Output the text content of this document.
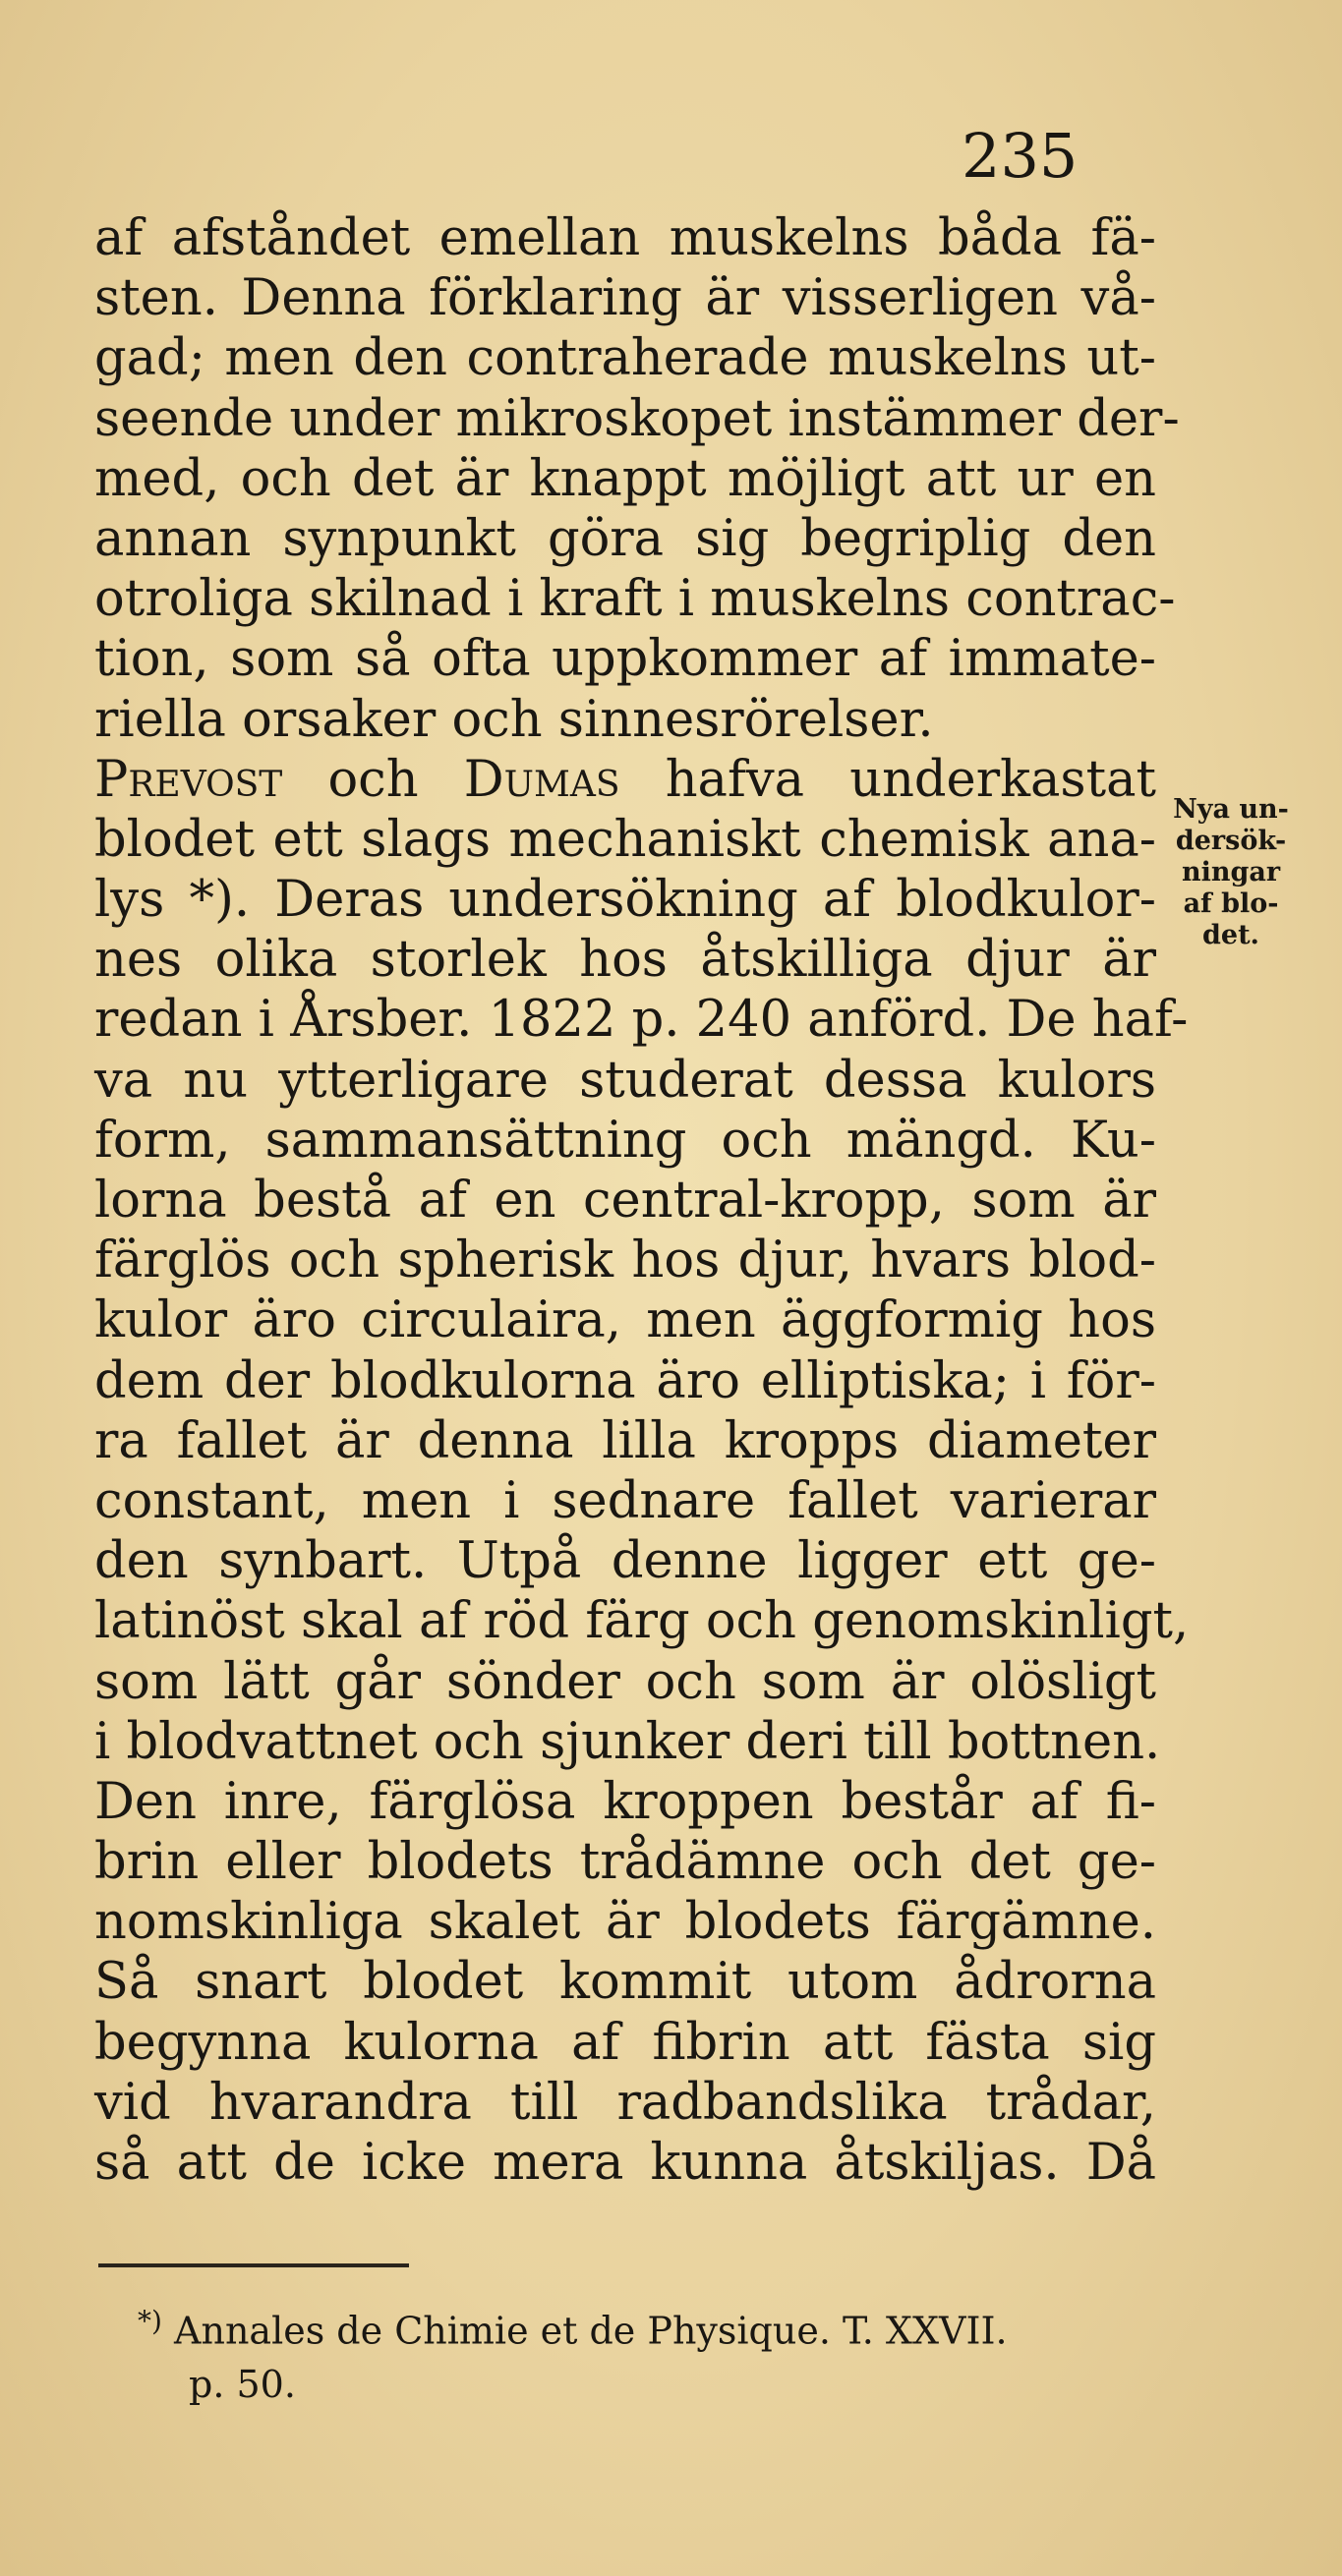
235
af afståndet emellan muskelns båda fä-
sten. Denna förklaring är visserligen vå-
gad; men den contraherade muskelns ut-
seende under mikroskopet instämmer der-
med, och det är knappt möjligt att ur en
annan synpunkt göra sig begriplig den
otroliga skilnad i kraft i muskelns contrac-
tion, som så ofta uppkommer af immate-
riella orsaker och sinnesrörelser.
Prevost och Dumas hafva underkastat
blodet ett slags mechaniskt chemisk ana-
lys *). Deras undersökning af blodkulor-
nes olika storlek hos åtskilliga djur är
redan i Årsber. 1822 p. 240 anförd. De haf-
va nu ytterligare studerat dessa kulors
form, sammansättning och mängd. Ku-
lorna bestå af en central-kropp, som är
färglös och spherisk hos djur, hvars blod-
kulor äro circulaira, men äggformig hos
dem der blodkulorna äro elliptiska; i för-
ra fallet är denna lilla kropps diameter
constant, men i sednare fallet varierar
den synbart. Utpå denne ligger ett ge-
latinöst skal af röd färg och genomskinligt,
som lätt går sönder och som är olösligt
i blodvattnet och sjunker deri till bottnen.
Den inre, färglösa kroppen består af fi-
brin eller blodets trådämne och det ge-
nomskinliga skalet är blodets färgämne.
Så snart blodet kommit utom ådrorna
begynna kulorna af fibrin att fästa sig
vid hvarandra till radbandslika trådar,
så att de icke mera kunna åtskiljas. Då
Nya un-
dersök-
ningar
af blo-
det.
*) Annales de Chimie et de Physique. T. XXVII.
p. 50.
